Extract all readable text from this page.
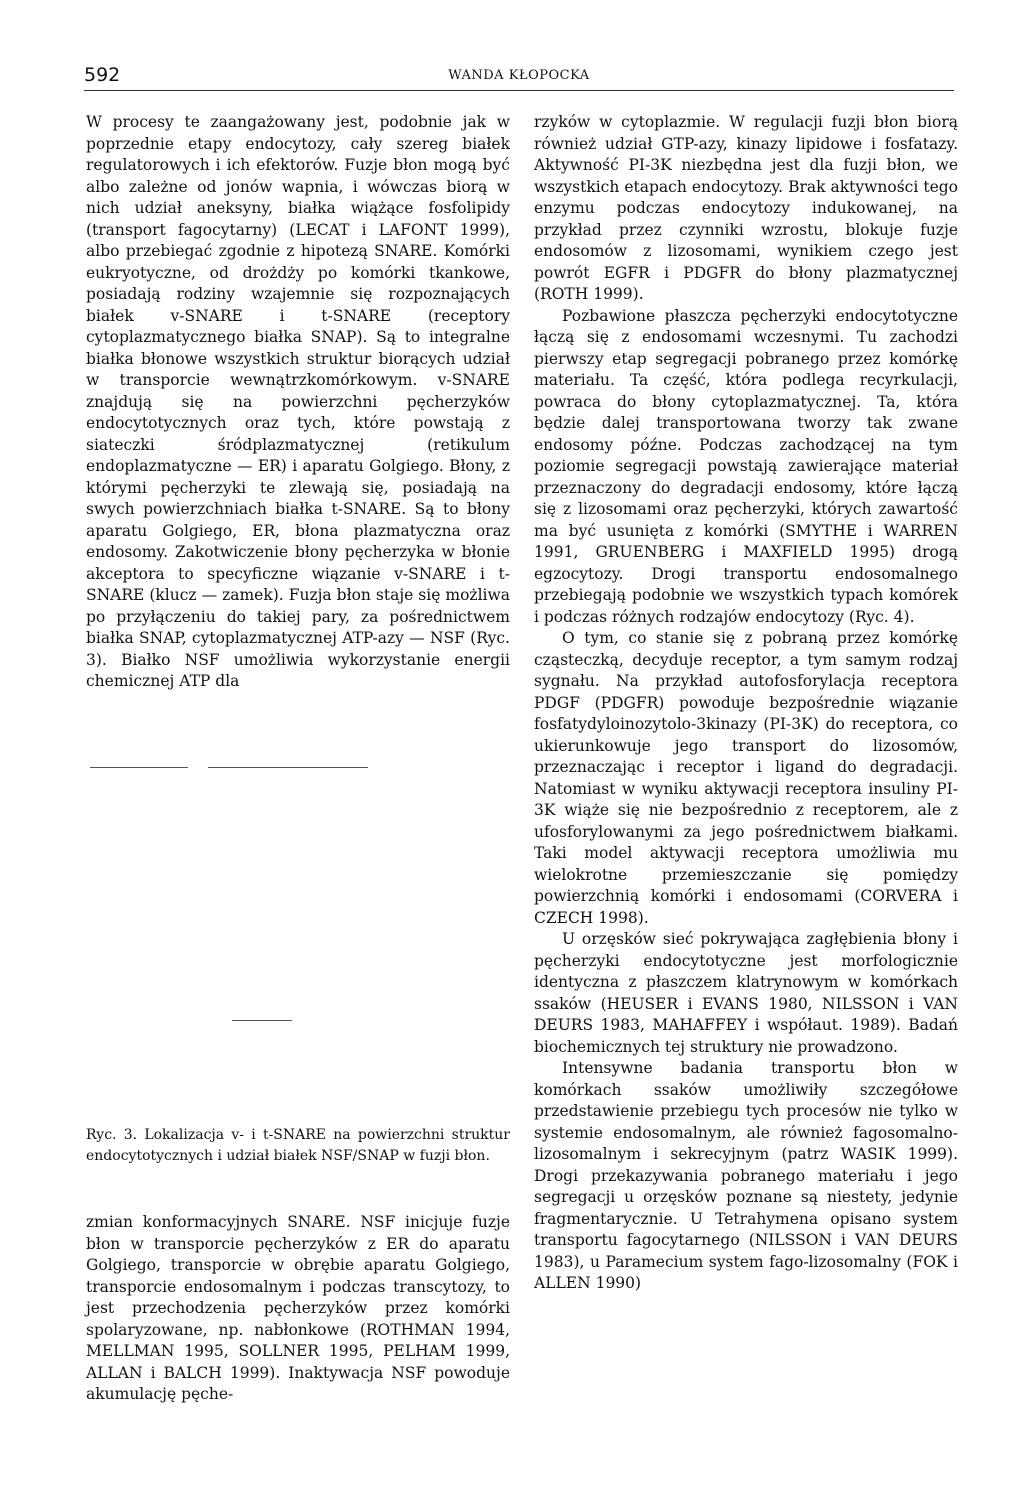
592	WANDA KŁOPOCKA

W procesy te zaangażowany jest, podobnie jak w poprzednie etapy endocytozy, cały szereg białek regulatorowych i ich efektorów. Fuzje błon mogą być albo zależne od jonów wapnia, i wówczas biorą w nich udział aneksyny, białka wiążące fosfolipidy (transport fagocytarny) (LECAT i LAFONT 1999), albo przebiegać zgodnie z hipotezą SNARE. Komórki eukryotyczne, od drożdży po komórki tkankowe, posiadają rodziny wzajemnie się rozpoznających białek v-SNARE i t-SNARE (receptory cytoplazmatycznego białka SNAP). Są to integralne białka błonowe wszystkich struktur biorących udział w transporcie wewnątrzkomórkowym. v-SNARE znajdują się na powierzchni pęcherzyków endocytotycznych oraz tych, które powstają z siateczki śródplazmatycznej (retikulum endoplazmatyczne — ER) i aparatu Golgiego. Błony, z którymi pęcherzyki te zlewają się, posiadają na swych powierzchniach białka t-SNARE. Są to błony aparatu Golgiego, ER, błona plazmatyczna oraz endosomy. Zakotwiczenie błony pęcherzyka w błonie akceptora to specyficzne wiązanie v-SNARE i t-SNARE (klucz — zamek). Fuzja błon staje się możliwa po przyłączeniu do takiej pary, za pośrednictwem białka SNAP, cytoplazmatycznej ATP-azy — NSF (Ryc. 3). Białko NSF umożliwia wykorzystanie energii chemicznej ATP dla

Ryc. 3. Lokalizacja v- i t-SNARE na powierzchni struktur endocytotycznych i udział białek NSF/SNAP w fuzji błon.

zmian konformacyjnych SNARE. NSF inicjuje fuzje błon w transporcie pęcherzyków z ER do aparatu Golgiego, transporcie w obrębie aparatu Golgiego, transporcie endosomalnym i podczas transcytozy, to jest przechodzenia pęcherzyków przez komórki spolaryzowane, np. nabłonkowe (ROTHMAN 1994, MELLMAN 1995, SOLLNER 1995, PELHAM 1999, ALLAN i BALCH 1999). Inaktywacja NSF powoduje akumulację pęche-

rzyków w cytoplazmie. W regulacji fuzji błon biorą również udział GTP-azy, kinazy lipidowe i fosfatazy. Aktywność PI-3K niezbędna jest dla fuzji błon, we wszystkich etapach endocytozy. Brak aktywności tego enzymu podczas endocytozy indukowanej, na przykład przez czynniki wzrostu, blokuje fuzje endosomów z lizosomami, wynikiem czego jest powrót EGFR i PDGFR do błony plazmatycznej (ROTH 1999).

Pozbawione płaszcza pęcherzyki endocytotyczne łączą się z endosomami wczesnymi. Tu zachodzi pierwszy etap segregacji pobranego przez komórkę materiału. Ta część, która podlega recyrkulacji, powraca do błony cytoplazmatycznej. Ta, która będzie dalej transportowana tworzy tak zwane endosomy późne. Podczas zachodzącej na tym poziomie segregacji powstają zawierające materiał przeznaczony do degradacji endosomy, które łączą się z lizosomami oraz pęcherzyki, których zawartość ma być usunięta z komórki (SMYTHE i WARREN 1991, GRUENBERG i MAXFIELD 1995) drogą egzocytozy. Drogi transportu endosomalnego przebiegają podobnie we wszystkich typach komórek i podczas różnych rodzajów endocytozy (Ryc. 4).

O tym, co stanie się z pobraną przez komórkę cząsteczką, decyduje receptor, a tym samym rodzaj sygnału. Na przykład autofosforylacja receptora PDGF (PDGFR) powoduje bezpośrednie wiązanie fosfatydyloinozytolo-3kinazy (PI-3K) do receptora, co ukierunkowuje jego transport do lizosomów, przeznaczając i receptor i ligand do degradacji. Natomiast w wyniku aktywacji receptora insuliny PI-3K wiąże się nie bezpośrednio z receptorem, ale z ufosforylowanymi za jego pośrednictwem białkami. Taki model aktywacji receptora umożliwia mu wielokrotne przemieszczanie się pomiędzy powierzchnią komórki i endosomami (CORVERA i CZECH 1998).

U orzęsków sieć pokrywająca zagłębienia błony i pęcherzyki endocytotyczne jest morfologicznie identyczna z płaszczem klatrynowym w komórkach ssaków (HEUSER i EVANS 1980, NILSSON i VAN DEURS 1983, MAHAFFEY i współaut. 1989). Badań biochemicznych tej struktury nie prowadzono.

Intensywne badania transportu błon w komórkach ssaków umożliwiły szczegółowe przedstawienie przebiegu tych procesów nie tylko w systemie endosomalnym, ale również fagosomalno-lizosomalnym i sekrecyjnym (patrz WASIK 1999). Drogi przekazywania pobranego materiału i jego segregacji u orzęsków poznane są niestety, jedynie fragmentarycznie. U Tetrahymena opisano system transportu fagocytarnego (NILSSON i VAN DEURS 1983), u Paramecium system fago-lizosomalny (FOK i ALLEN 1990)
